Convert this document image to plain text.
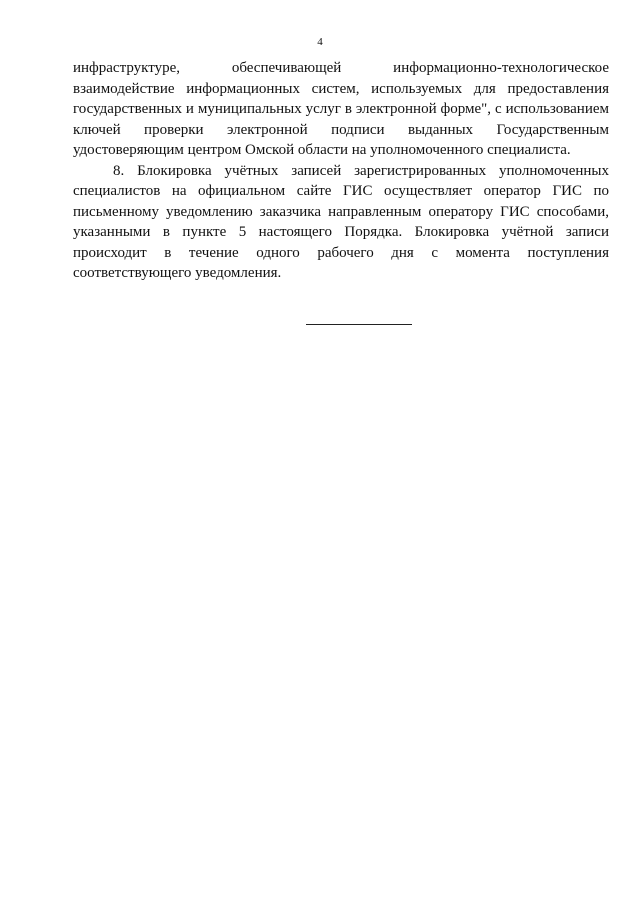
4

инфраструктуре, обеспечивающей информационно-технологическое взаимодействие информационных систем, используемых для предоставления государственных и муниципальных услуг в электронной форме", с использованием ключей проверки электронной подписи выданных Государственным удостоверяющим центром Омской области на уполномоченного специалиста.

8. Блокировка учётных записей зарегистрированных уполномоченных специалистов на официальном сайте ГИС осуществляет оператор ГИС по письменному уведомлению заказчика направленным оператору ГИС способами, указанными в пункте 5 настоящего Порядка. Блокировка учётной записи происходит в течение одного рабочего дня с момента поступления соответствующего уведомления.
